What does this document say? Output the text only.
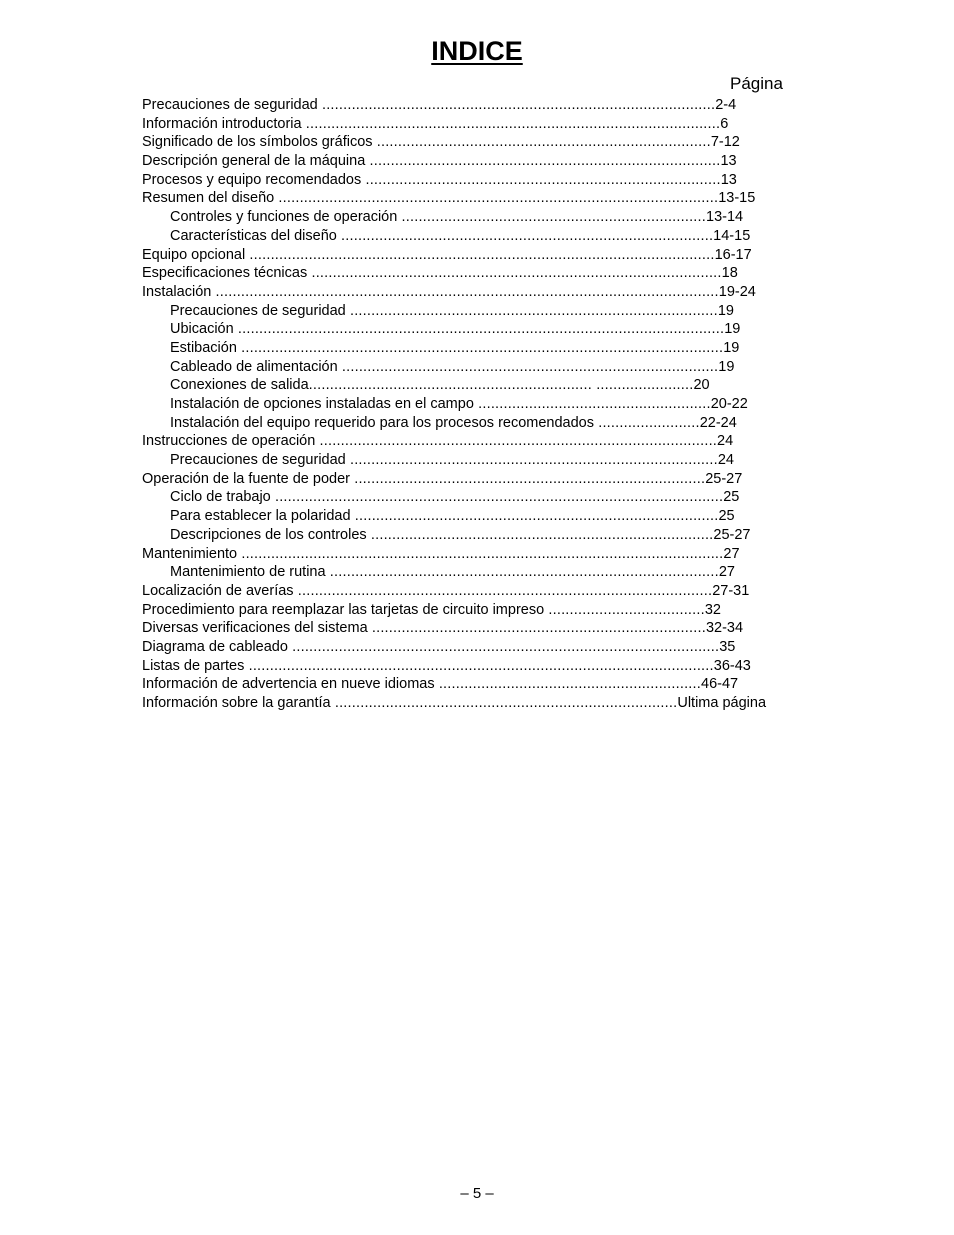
INDICE
Página
Precauciones de seguridad .............................................................................................2-4
Información introductoria ..................................................................................................6
Significado de los símbolos gráficos ...............................................................................7-12
Descripción general de la máquina ...................................................................................13
Procesos y equipo recomendados ....................................................................................13
Resumen del diseño ........................................................................................................13-15
Controles y funciones de operación ........................................................................13-14
Características del diseño ........................................................................................14-15
Equipo opcional ..............................................................................................................16-17
Especificaciones técnicas .................................................................................................18
Instalación .......................................................................................................................19-24
Precauciones de seguridad .......................................................................................19
Ubicación ...................................................................................................................19
Estibación ..................................................................................................................19
Cableado de alimentación .........................................................................................19
Conexiones de salida................................................................... .......................20
Instalación de opciones instaladas en el campo .......................................................20-22
Instalación del equipo requerido para los procesos recomendados ........................22-24
Instrucciones de operación ..............................................................................................24
Precauciones de seguridad .......................................................................................24
Operación de la fuente de poder ...................................................................................25-27
Ciclo de trabajo ..........................................................................................................25
Para establecer la polaridad ......................................................................................25
Descripciones de los controles .................................................................................25-27
Mantenimiento ..................................................................................................................27
Mantenimiento de rutina ............................................................................................27
Localización de averías ..................................................................................................27-31
Procedimiento para reemplazar las tarjetas de circuito impreso .....................................32
Diversas verificaciones del sistema ...............................................................................32-34
Diagrama de cableado .....................................................................................................35
Listas de partes ..............................................................................................................36-43
Información de advertencia en nueve idiomas ..............................................................46-47
Información sobre la garantía .................................................................................Ultima página
– 5 –
